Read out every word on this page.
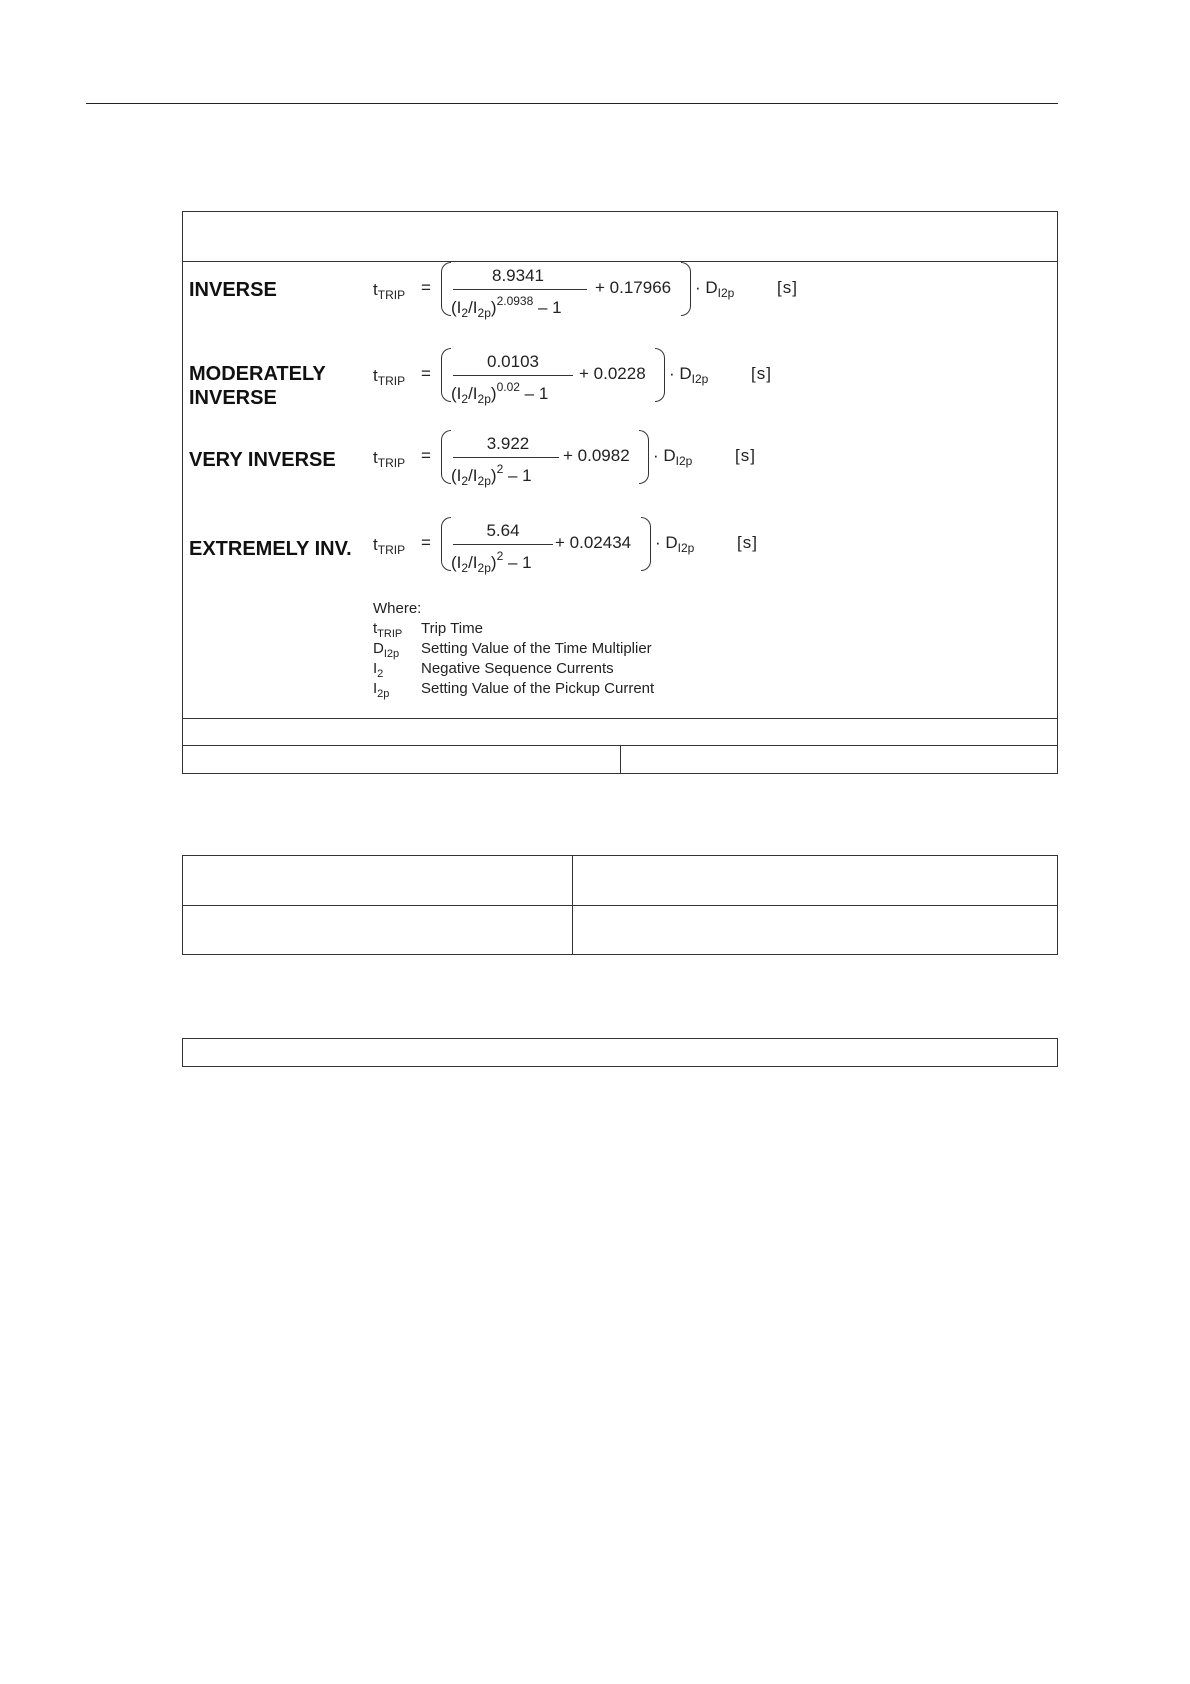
INVERSE	$t_{TRIP}$ =
8.9341
$(I_2/I_{2p})^{2.0938} - 1$
+ $0.17966 \cdot D_{I2p}$	[s]
MODERATELY
INVERSE
$t_{TRIP}$ =
0.0103
$(I_2/I_{2p})^{0.02} - 1$
+ $0.0228 \cdot D_{I2p}$	[s]
VERY INVERSE $t_{TRIP}$ =
3.922
$(I_2/I_{2p})^2 - 1$
+ $0.0982 \cdot D_{I2p}$	[s]
EXTREMELY INV. $t_{TRIP}$ =
5.64
$(I_2/I_{2p})^2 - 1$
+ $0.02434 \cdot D_{I2p}$	[s]
Where:
$t_{TRIP}$ Trip Time
$D_{I2p}$ Setting Value of the Time Multiplier
$I_2$	Negative Sequence Currents
$I_{2p}$ Setting Value of the Pickup Current
